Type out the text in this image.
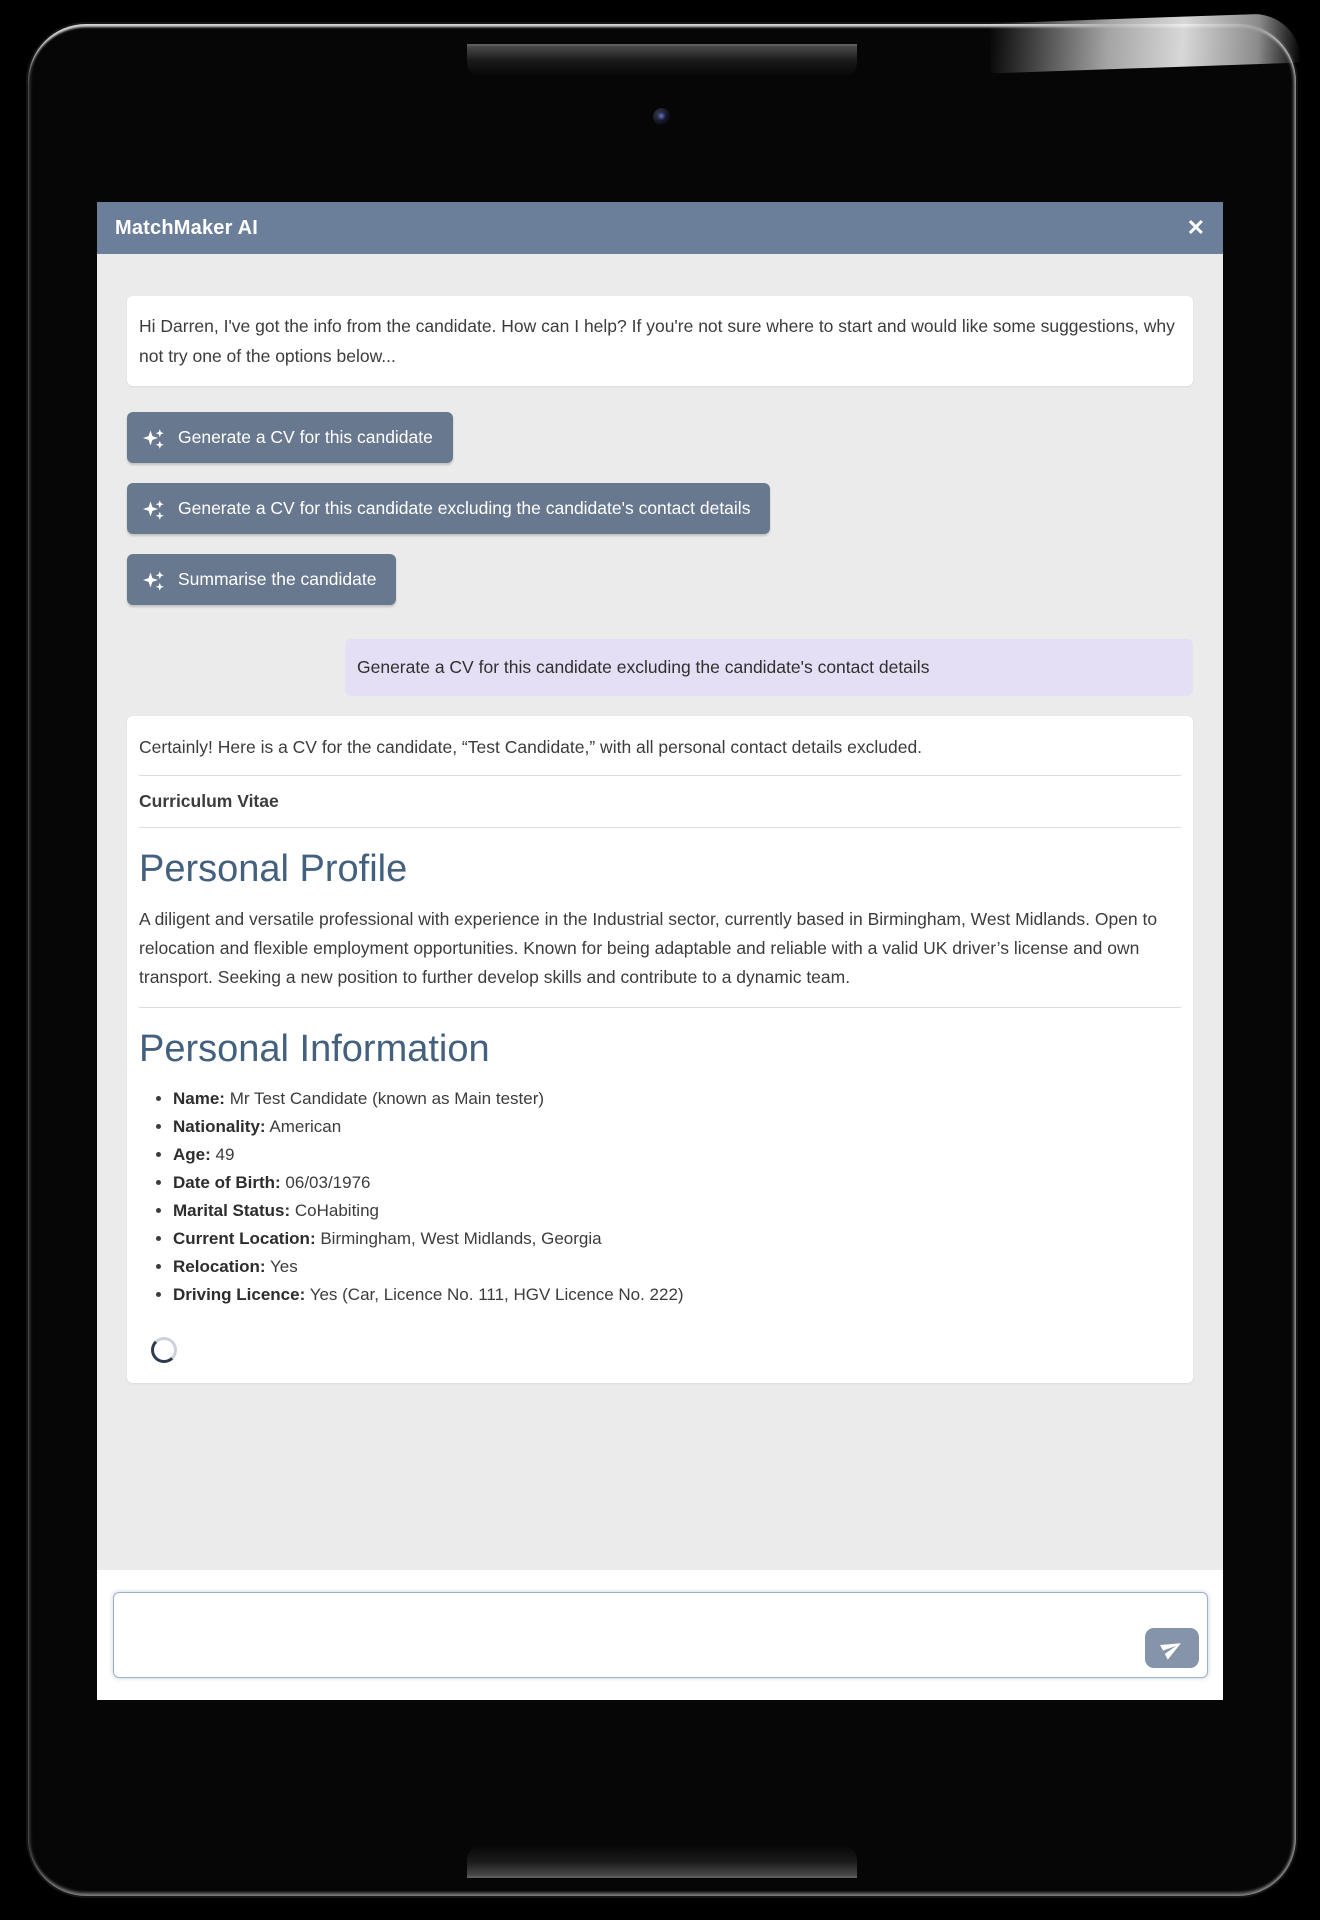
MatchMaker AI	✕
Hi Darren, I've got the info from the candidate. How can I help? If you're not sure where to start and would like some suggestions, why not try one of the options below...
Generate a CV for this candidate
Generate a CV for this candidate excluding the candidate's contact details
Summarise the candidate
Generate a CV for this candidate excluding the candidate's contact details

Certainly! Here is a CV for the candidate, “Test Candidate,” with all personal contact details excluded.

Curriculum Vitae

Personal Profile

A diligent and versatile professional with experience in the Industrial sector, currently based in Birmingham, West Midlands. Open to relocation and flexible employment opportunities. Known for being adaptable and reliable with a valid UK driver’s license and own transport. Seeking a new position to further develop skills and contribute to a dynamic team.

Personal Information
• Name: Mr Test Candidate (known as Main tester)
• Nationality: American
• Age: 49
• Date of Birth: 06/03/1976
• Marital Status: CoHabiting
• Current Location: Birmingham, West Midlands, Georgia
• Relocation: Yes
• Driving Licence: Yes (Car, Licence No. 111, HGV Licence No. 222)
